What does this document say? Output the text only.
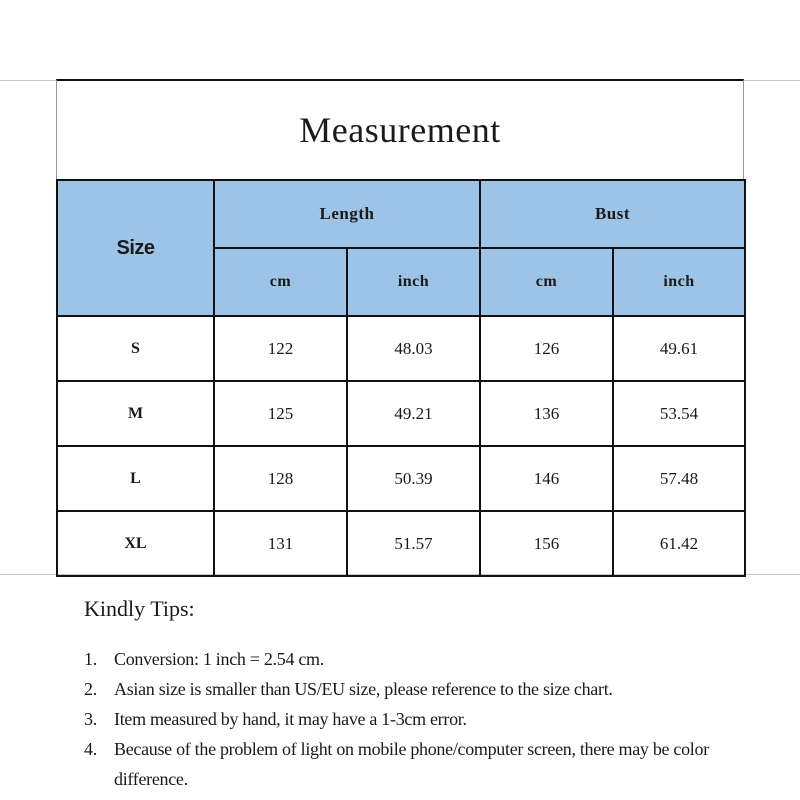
Measurement
Size	Length		Bust	
	cm	inch	cm	inch
S	122	48.03	126	49.61
M	125	49.21	136	53.54
L	128	50.39	146	57.48
XL	131	51.57	156	61.42
Kindly Tips:
1. Conversion: 1 inch = 2.54 cm.
2. Asian size is smaller than US/EU size, please reference to the size chart.
3. Item measured by hand, it may have a 1-3cm error.
4. Because of the problem of light on mobile phone/computer screen, there may be color difference.
